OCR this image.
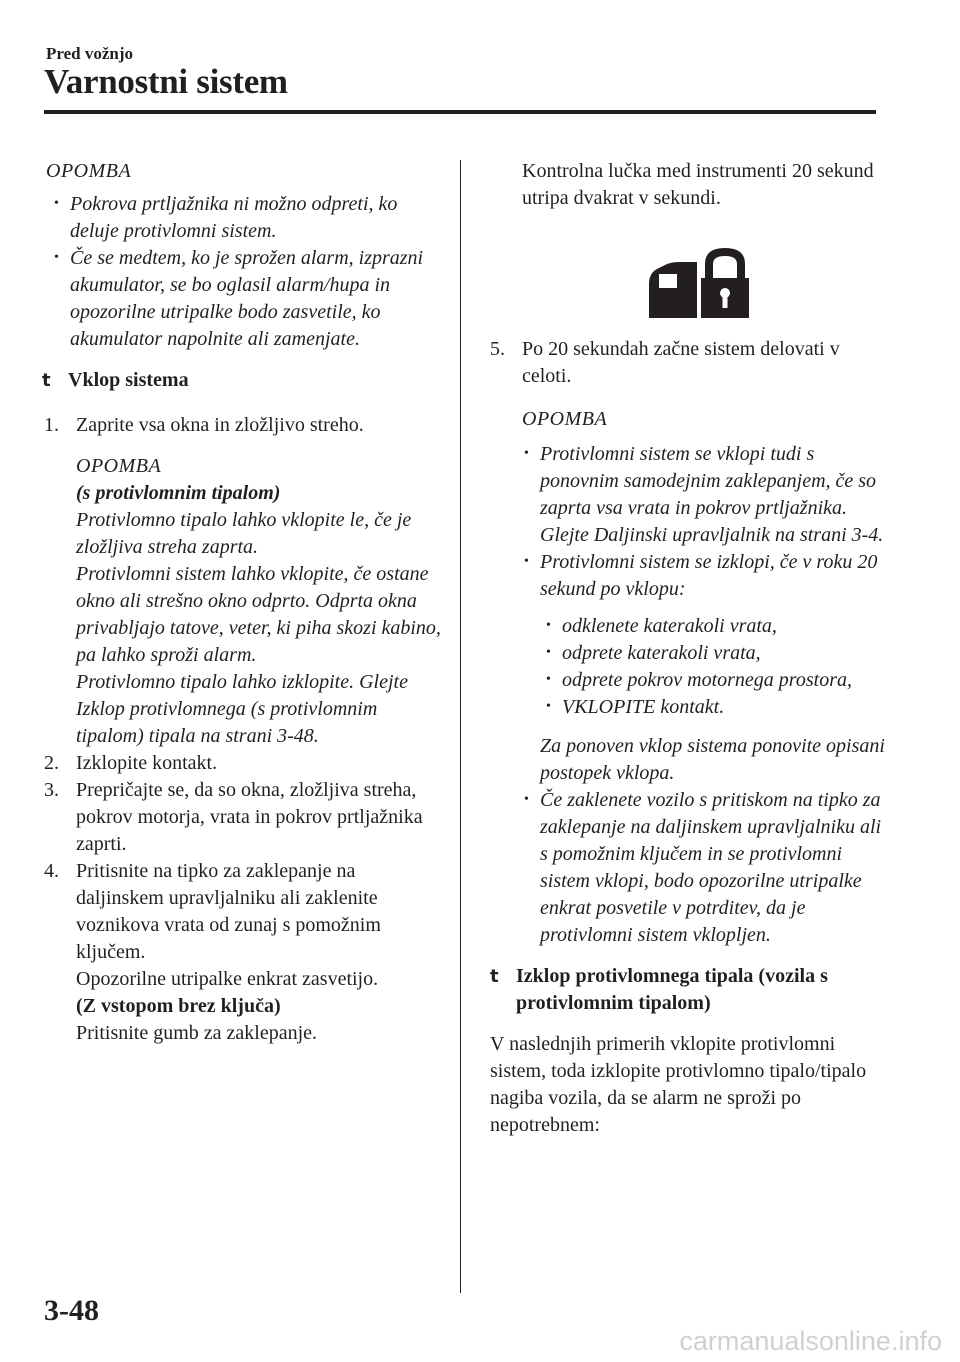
Pred vožnjo
Varnostni sistem
OPOMBA
• Pokrova prtljažnika ni možno odpreti, ko deluje protivlomni sistem.
• Če se medtem, ko je sprožen alarm, izprazni akumulator, se bo oglasil alarm/hupa in opozorilne utripalke bodo zasvetile, ko akumulator napolnite ali zamenjate.
t Vklop sistema
1. Zaprite vsa okna in zložljivo streho.
OPOMBA
(s protivlomnim tipalom)
Protivlomno tipalo lahko vklopite le, če je zložljiva streha zaprta.
Protivlomni sistem lahko vklopite, če ostane okno ali strešno okno odprto. Odprta okna privabljajo tatove, veter, ki piha skozi kabino, pa lahko sproži alarm.
Protivlomno tipalo lahko izklopite. Glejte Izklop protivlomnega (s protivlomnim tipalom) tipala na strani 3-48.
2. Izklopite kontakt.
3. Prepričajte se, da so okna, zložljiva streha, pokrov motorja, vrata in pokrov prtljažnika zaprti.
4. Pritisnite na tipko za zaklepanje na daljinskem upravljalniku ali zaklenite voznikova vrata od zunaj s pomožnim ključem.
Opozorilne utripalke enkrat zasvetijo.
(Z vstopom brez ključa)
Pritisnite gumb za zaklepanje.
Kontrolna lučka med instrumenti 20 sekund utripa dvakrat v sekundi.
5. Po 20 sekundah začne sistem delovati v celoti.
OPOMBA
• Protivlomni sistem se vklopi tudi s ponovnim samodejnim zaklepanjem, če so zaprta vsa vrata in pokrov prtljažnika.
Glejte Daljinski upravljalnik na strani 3-4.
• Protivlomni sistem se izklopi, če v roku 20 sekund po vklopu:
• odklenete katerakoli vrata,
• odprete katerakoli vrata,
• odprete pokrov motornega prostora,
• VKLOPITE kontakt.
Za ponoven vklop sistema ponovite opisani postopek vklopa.
• Če zaklenete vozilo s pritiskom na tipko za zaklepanje na daljinskem upravljalniku ali s pomožnim ključem in se protivlomni sistem vklopi, bodo opozorilne utripalke enkrat posvetile v potrditev, da je protivlomni sistem vklopljen.
t Izklop protivlomnega tipala (vozila s protivlomnim tipalom)
V naslednjih primerih vklopite protivlomni sistem, toda izklopite protivlomno tipalo/tipalo nagiba vozila, da se alarm ne sproži po nepotrebnem:
3-48
carmanualsonline.info
